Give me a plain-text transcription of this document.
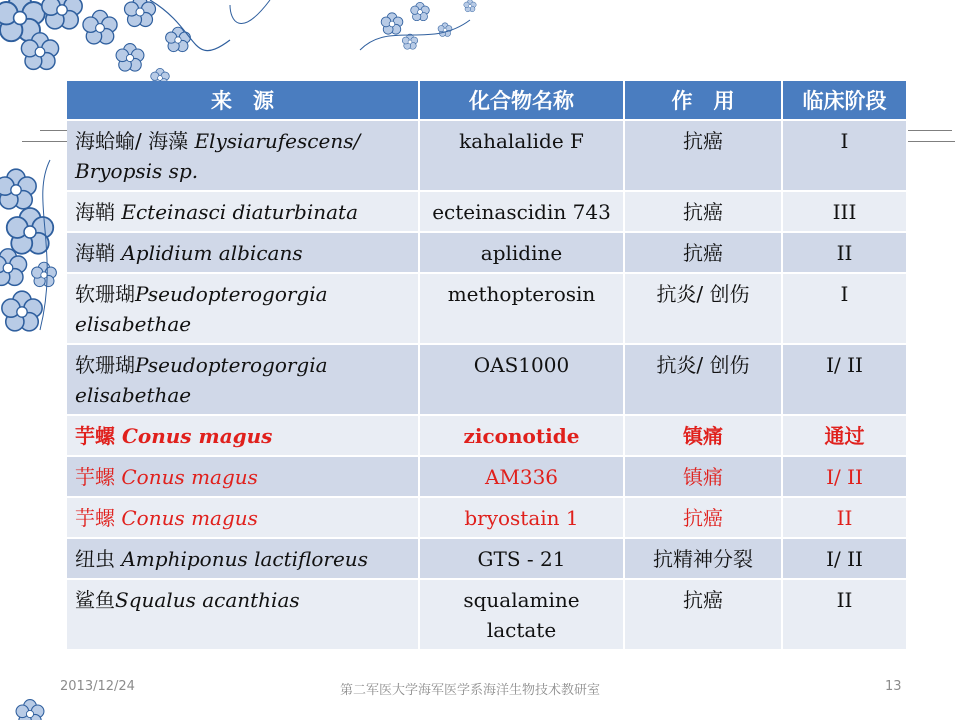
来　源	化合物名称	作　用	临床阶段
海蛤蝓/ 海藻 Elysiarufescens/ Bryopsis sp.	kahalalide F	抗癌	I
海鞘 Ecteinasci diaturbinata	ecteinascidin 743	抗癌	III
海鞘 Aplidium albicans	aplidine	抗癌	II
软珊瑚Pseudopterogorgia elisabethae	methopterosin	抗炎/ 创伤	I
软珊瑚Pseudopterogorgia elisabethae	OAS1000	抗炎/ 创伤	I/ II
芋螺 Conus magus	ziconotide	镇痛	通过
芋螺 Conus magus	AM336	镇痛	I/ II
芋螺 Conus magus	bryostain 1	抗癌	II
纽虫 Amphiponus lactifloreus	GTS - 21	抗精神分裂	I/ II
鲨鱼Squalus acanthias	squalamine lactate	抗癌	II
2013/12/24	第二军医大学海军医学系海洋生物技术教研室	13
